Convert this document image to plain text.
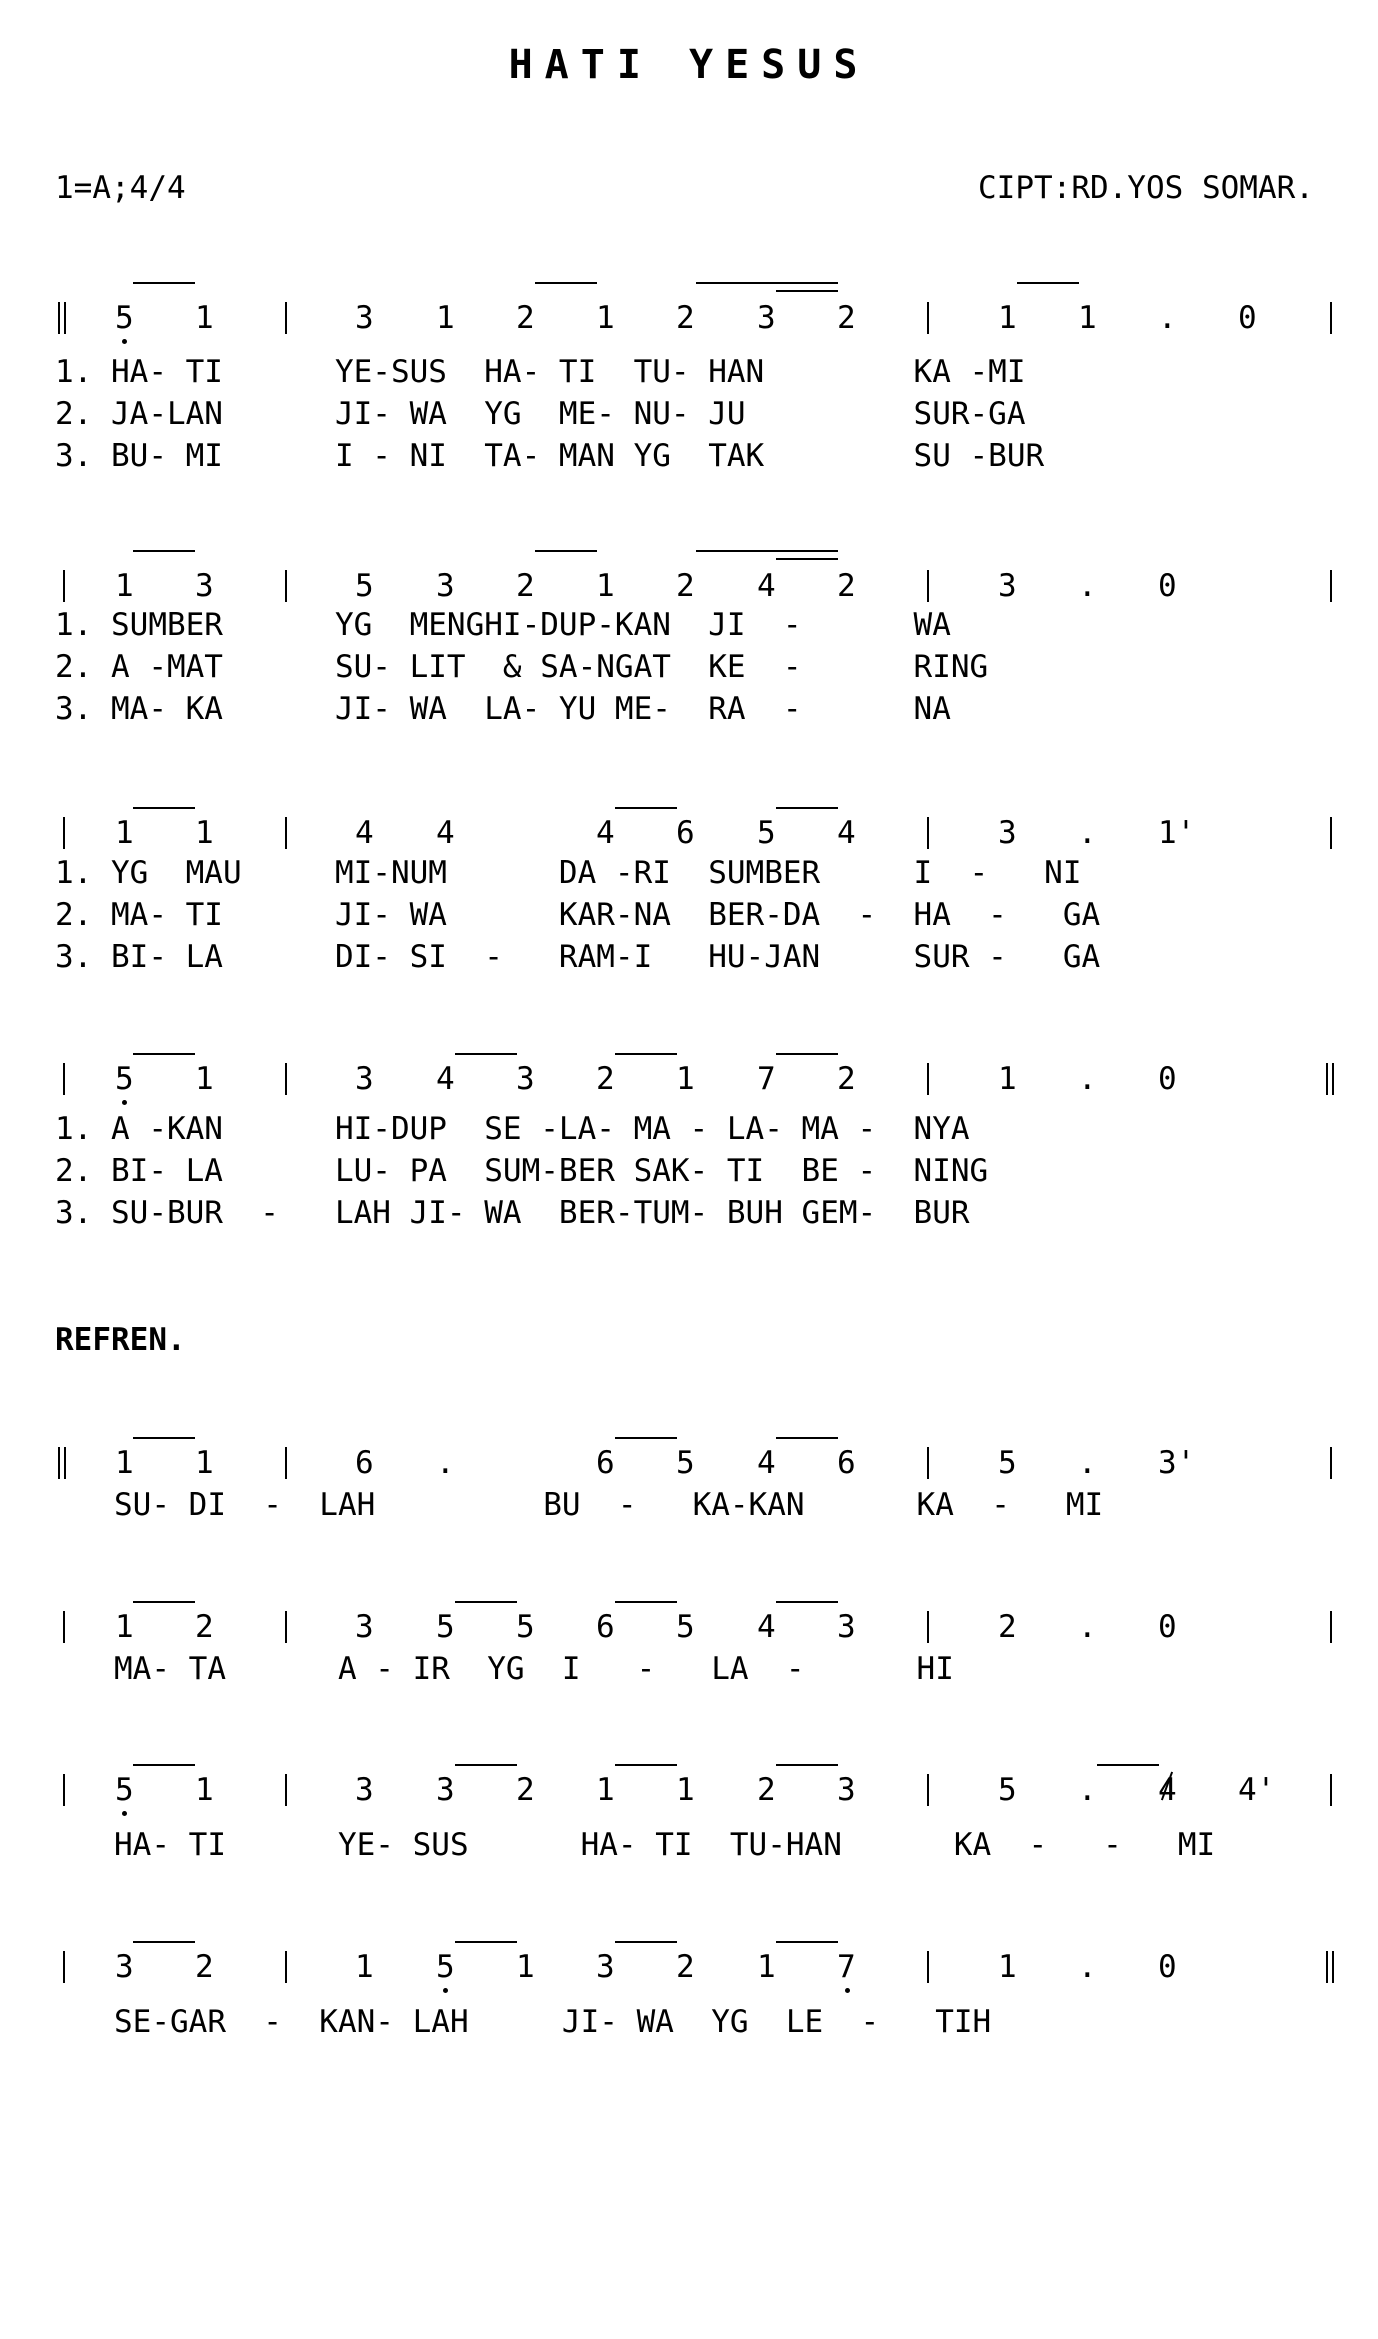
HATI YESUS
1=A;4/4	CIPT:RD.YOS SOMAR.
5 1	3 1 2 1 2 3 2	1 1 . 0
1. HA- TI      YE-SUS  HA- TI  TU- HAN        KA -MI
2. JA-LAN      JI- WA  YG  ME- NU- JU         SUR-GA
3. BU- MI      I - NI  TA- MAN YG  TAK        SU -BUR
1 3	5 3 2 1 2 4 2	3 . 0
1. SUMBER      YG  MENGHI-DUP-KAN  JI  -      WA
2. A -MAT      SU- LIT  & SA-NGAT  KE  -      RING
3. MA- KA      JI- WA  LA- YU ME-  RA  -      NA
1 1	4 4	4 6 5 4	3 . 1'
1. YG  MAU     MI-NUM      DA -RI  SUMBER     I  -   NI
2. MA- TI      JI- WA      KAR-NA  BER-DA  -  HA  -   GA
3. BI- LA      DI- SI  -   RAM-I   HU-JAN     SUR -   GA
5 1	3 4 3 2 1 7 2	1 . 0
1. A -KAN      HI-DUP  SE -LA- MA - LA- MA -  NYA
2. BI- LA      LU- PA  SUM-BER SAK- TI  BE -  NING
3. SU-BUR  -   LAH JI- WA  BER-TUM- BUH GEM-  BUR
REFREN.
1 1	6 .	6 5 4 6	5 . 3'
SU- DI  -  LAH         BU  -   KA-KAN      KA  -   MI
1 2	3 5 5 6 5 4 3	2 . 0
MA- TA      A - IR  YG  I   -   LA  -      HI
5 1	3 3 2 1 1 2 3	5 . 4 4'
HA- TI      YE- SUS      HA- TI  TU-HAN      KA  -   -   MI
3 2	1 5 1 3 2 1 7	1 . 0
SE-GAR  -  KAN- LAH     JI- WA  YG  LE  -   TIH
